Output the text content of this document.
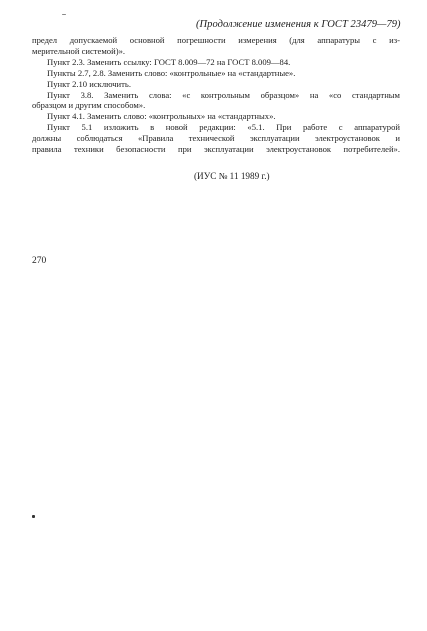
(Продолжение изменения к ГОСТ 23479—79)
предел допускаемой основной погрешности измерения (для аппаратуры с из-
мерительной системой)».
Пункт 2.3. Заменить ссылку: ГОСТ 8.009—72 на ГОСТ 8.009—84.
Пункты 2.7, 2.8. Заменить слово: «контрольные» на «стандартные».
Пункт 2.10 исключить.
Пункт 3.8. Заменить слова: «с контрольным образцом» на «со стандартным
образцом и другим способом».
Пункт 4.1. Заменить слово: «контрольных» на «стандартных».
Пункт 5.1 изложить в новой редакции: «5.1. При работе с аппаратурой
должны соблюдаться «Правила технической эксплуатации электроустановок и
правила техники безопасности при эксплуатации электроустановок потребителей».
(ИУС № 11 1989 г.)
270
